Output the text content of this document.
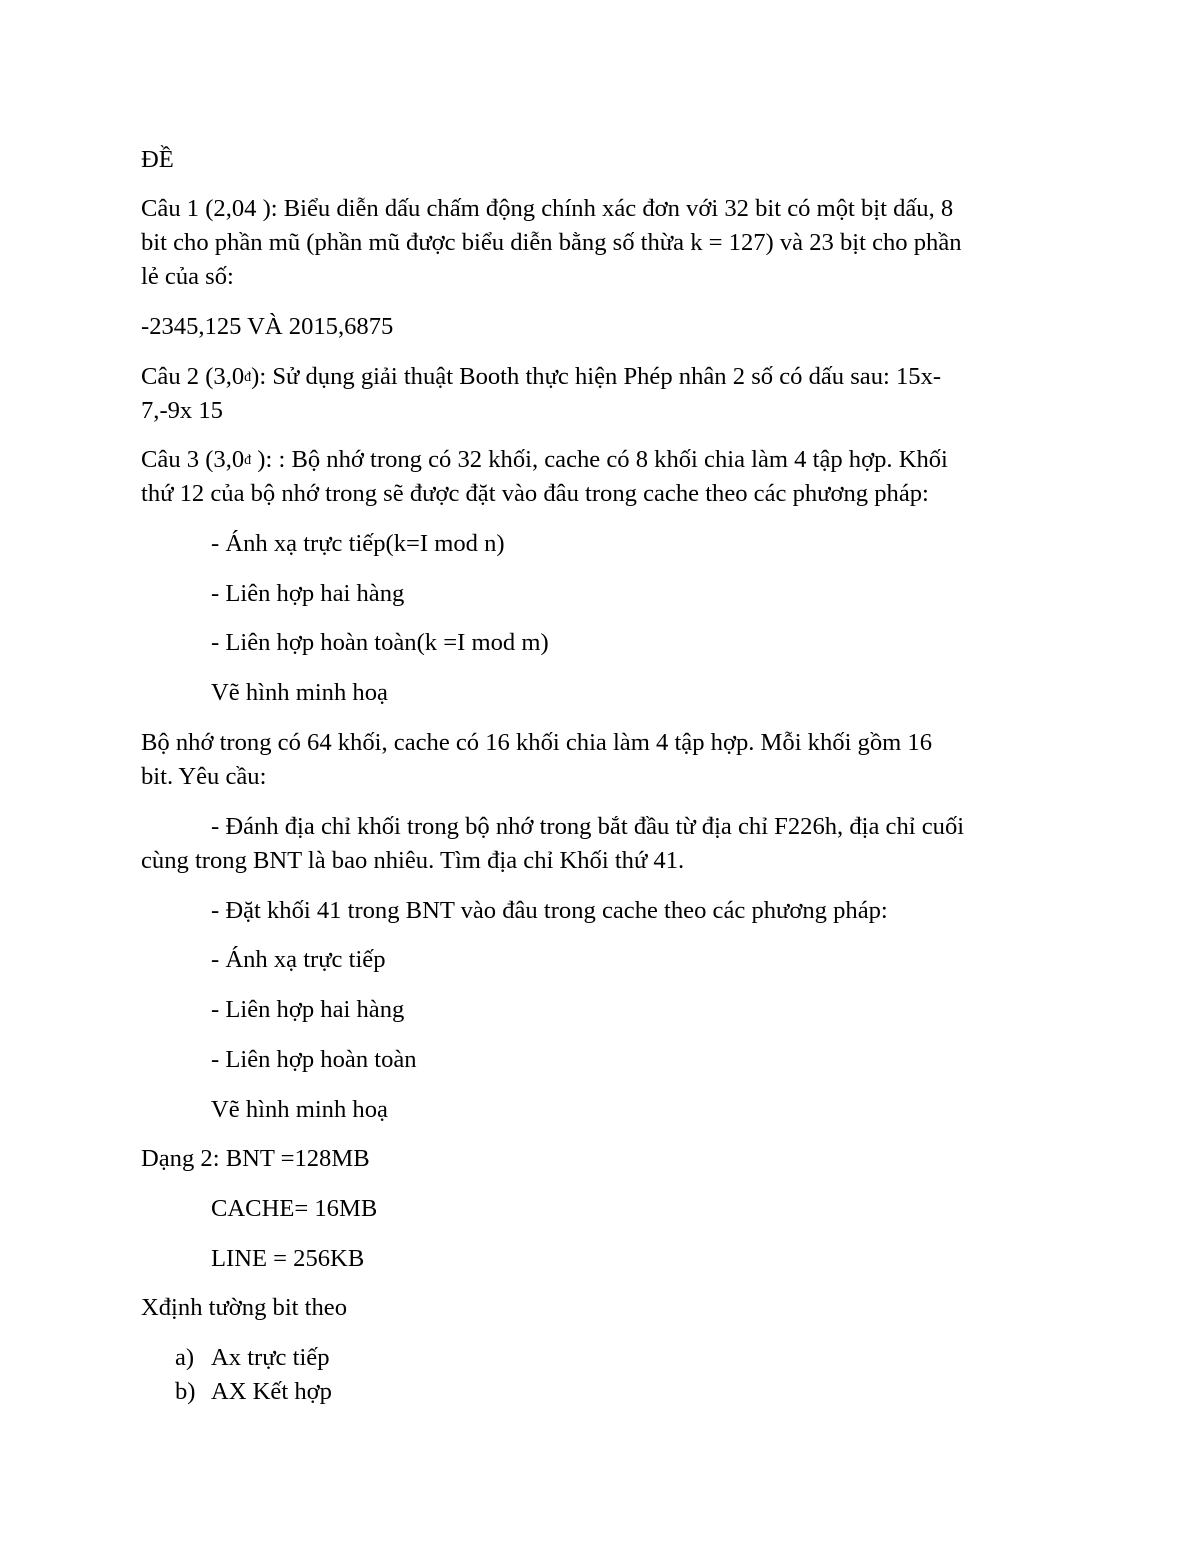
ĐỀ
Câu 1 (2,04 ): Biểu diễn dấu chấm động chính xác đơn với 32 bit có một bịt dấu, 8
bit cho phần mũ (phần mũ được biểu diễn bằng số thừa k = 127) và 23 bịt cho phần
lẻ của số:
-2345,125 VÀ 2015,6875
Câu 2 (3,0đ): Sử dụng giải thuật Booth thực hiện Phép nhân 2 số có dấu sau: 15x-
7,-9x 15
Câu 3 (3,0đ ): : Bộ nhớ trong có 32 khối, cache có 8 khối chia làm 4 tập hợp. Khối
thứ 12 của bộ nhớ trong sẽ được đặt vào đâu trong cache theo các phương pháp:
- Ánh xạ trực tiếp(k=I mod n)
- Liên hợp hai hàng
- Liên hợp hoàn toàn(k =I mod m)
Vẽ hình minh hoạ
Bộ nhớ trong có 64 khối, cache có 16 khối chia làm 4 tập hợp. Mỗi khối gồm 16
bit. Yêu cầu:
- Đánh địa chỉ khối trong bộ nhớ trong bắt đầu từ địa chỉ F226h, địa chỉ cuối
cùng trong BNT là bao nhiêu. Tìm địa chỉ Khối thứ 41.
- Đặt khối 41 trong BNT vào đâu trong cache theo các phương pháp:
- Ánh xạ trực tiếp
- Liên hợp hai hàng
- Liên hợp hoàn toàn
Vẽ hình minh hoạ
Dạng 2: BNT =128MB
CACHE= 16MB
LINE = 256KB
Xđịnh tường bit theo
a) Ax trực tiếp
b) AX Kết hợp
